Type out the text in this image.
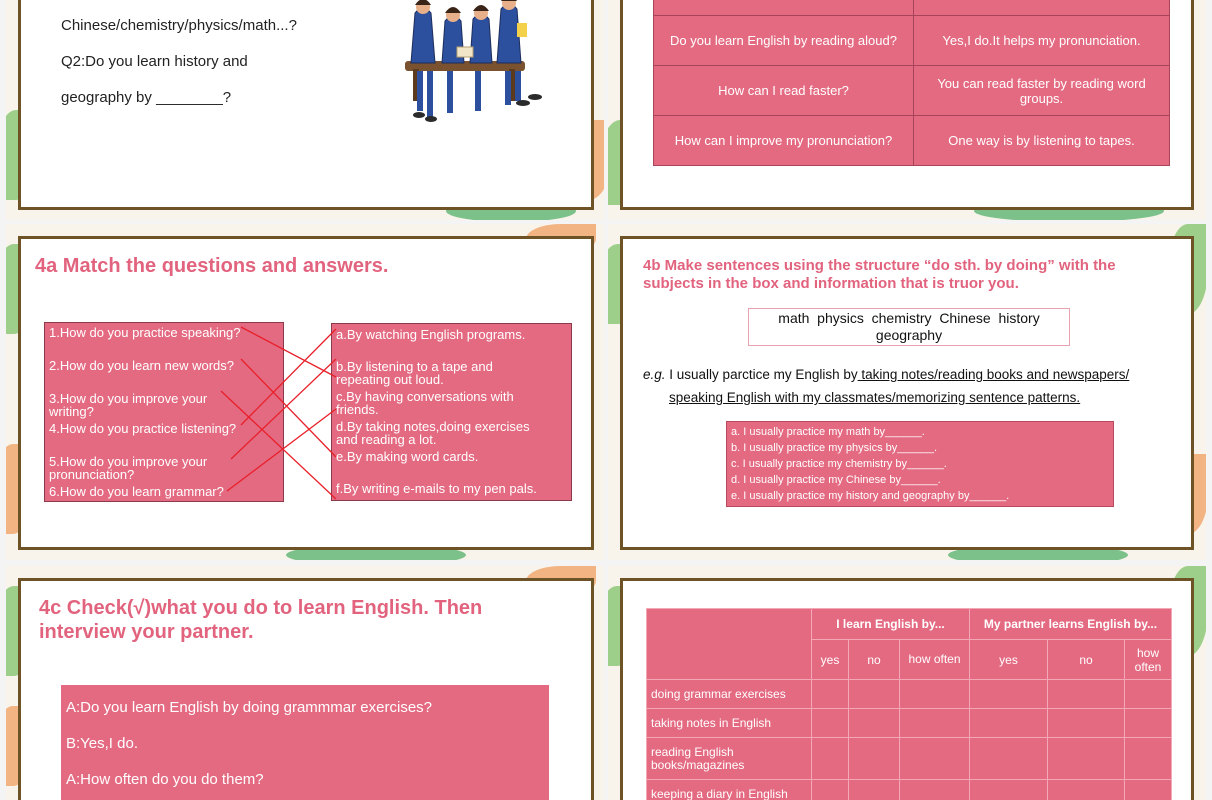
Chinese/chemistry/physics/math...?
Q2:Do you learn history and
geography by ________?

Do you learn English by reading aloud?	Yes,I do.It helps my pronunciation.
How can I read faster?	You can read faster by reading word groups.
How can I improve my pronunciation?	One way is by listening to tapes.
4a Match the questions and answers.
1.How do you practice speaking?
2.How do you learn new words?
3.How do you improve your writing?
4.How do you practice listening?
5.How do you improve your pronunciation?
6.How do you learn grammar?
a.By watching English programs.
b.By listening to a tape and repeating out loud.
c.By having conversations with friends.
d.By taking notes,doing exercises and reading a lot.
e.By making word cards.
f.By writing e-mails to my pen pals.
4b Make sentences using the structure “do sth. by doing” with the subjects in the box and information that is truor you.
math  physics  chemistry  Chinese  history geography
e.g. I usually parctice my English by taking notes/reading books and newspapers/
speaking English with my classmates/memorizing sentence patterns.
a. I usually practice my math by______.
b. I usually practice my physics by______.
c. I usually practice my chemistry by______.
d. I usually practice my Chinese by______.
e. I usually practice my history and geography by______.
4c Check(√)what you do to learn English. Then
interview your partner.
A:Do you learn English by doing grammmar exercises?
B:Yes,I do.
A:How often do you do them?
	I learn English by...			My partner learns English by...		
	yes	no	how often	yes	no	how often
doing grammar exercises						
taking notes in English						
reading English books/magazines						
keeping a diary in English						
